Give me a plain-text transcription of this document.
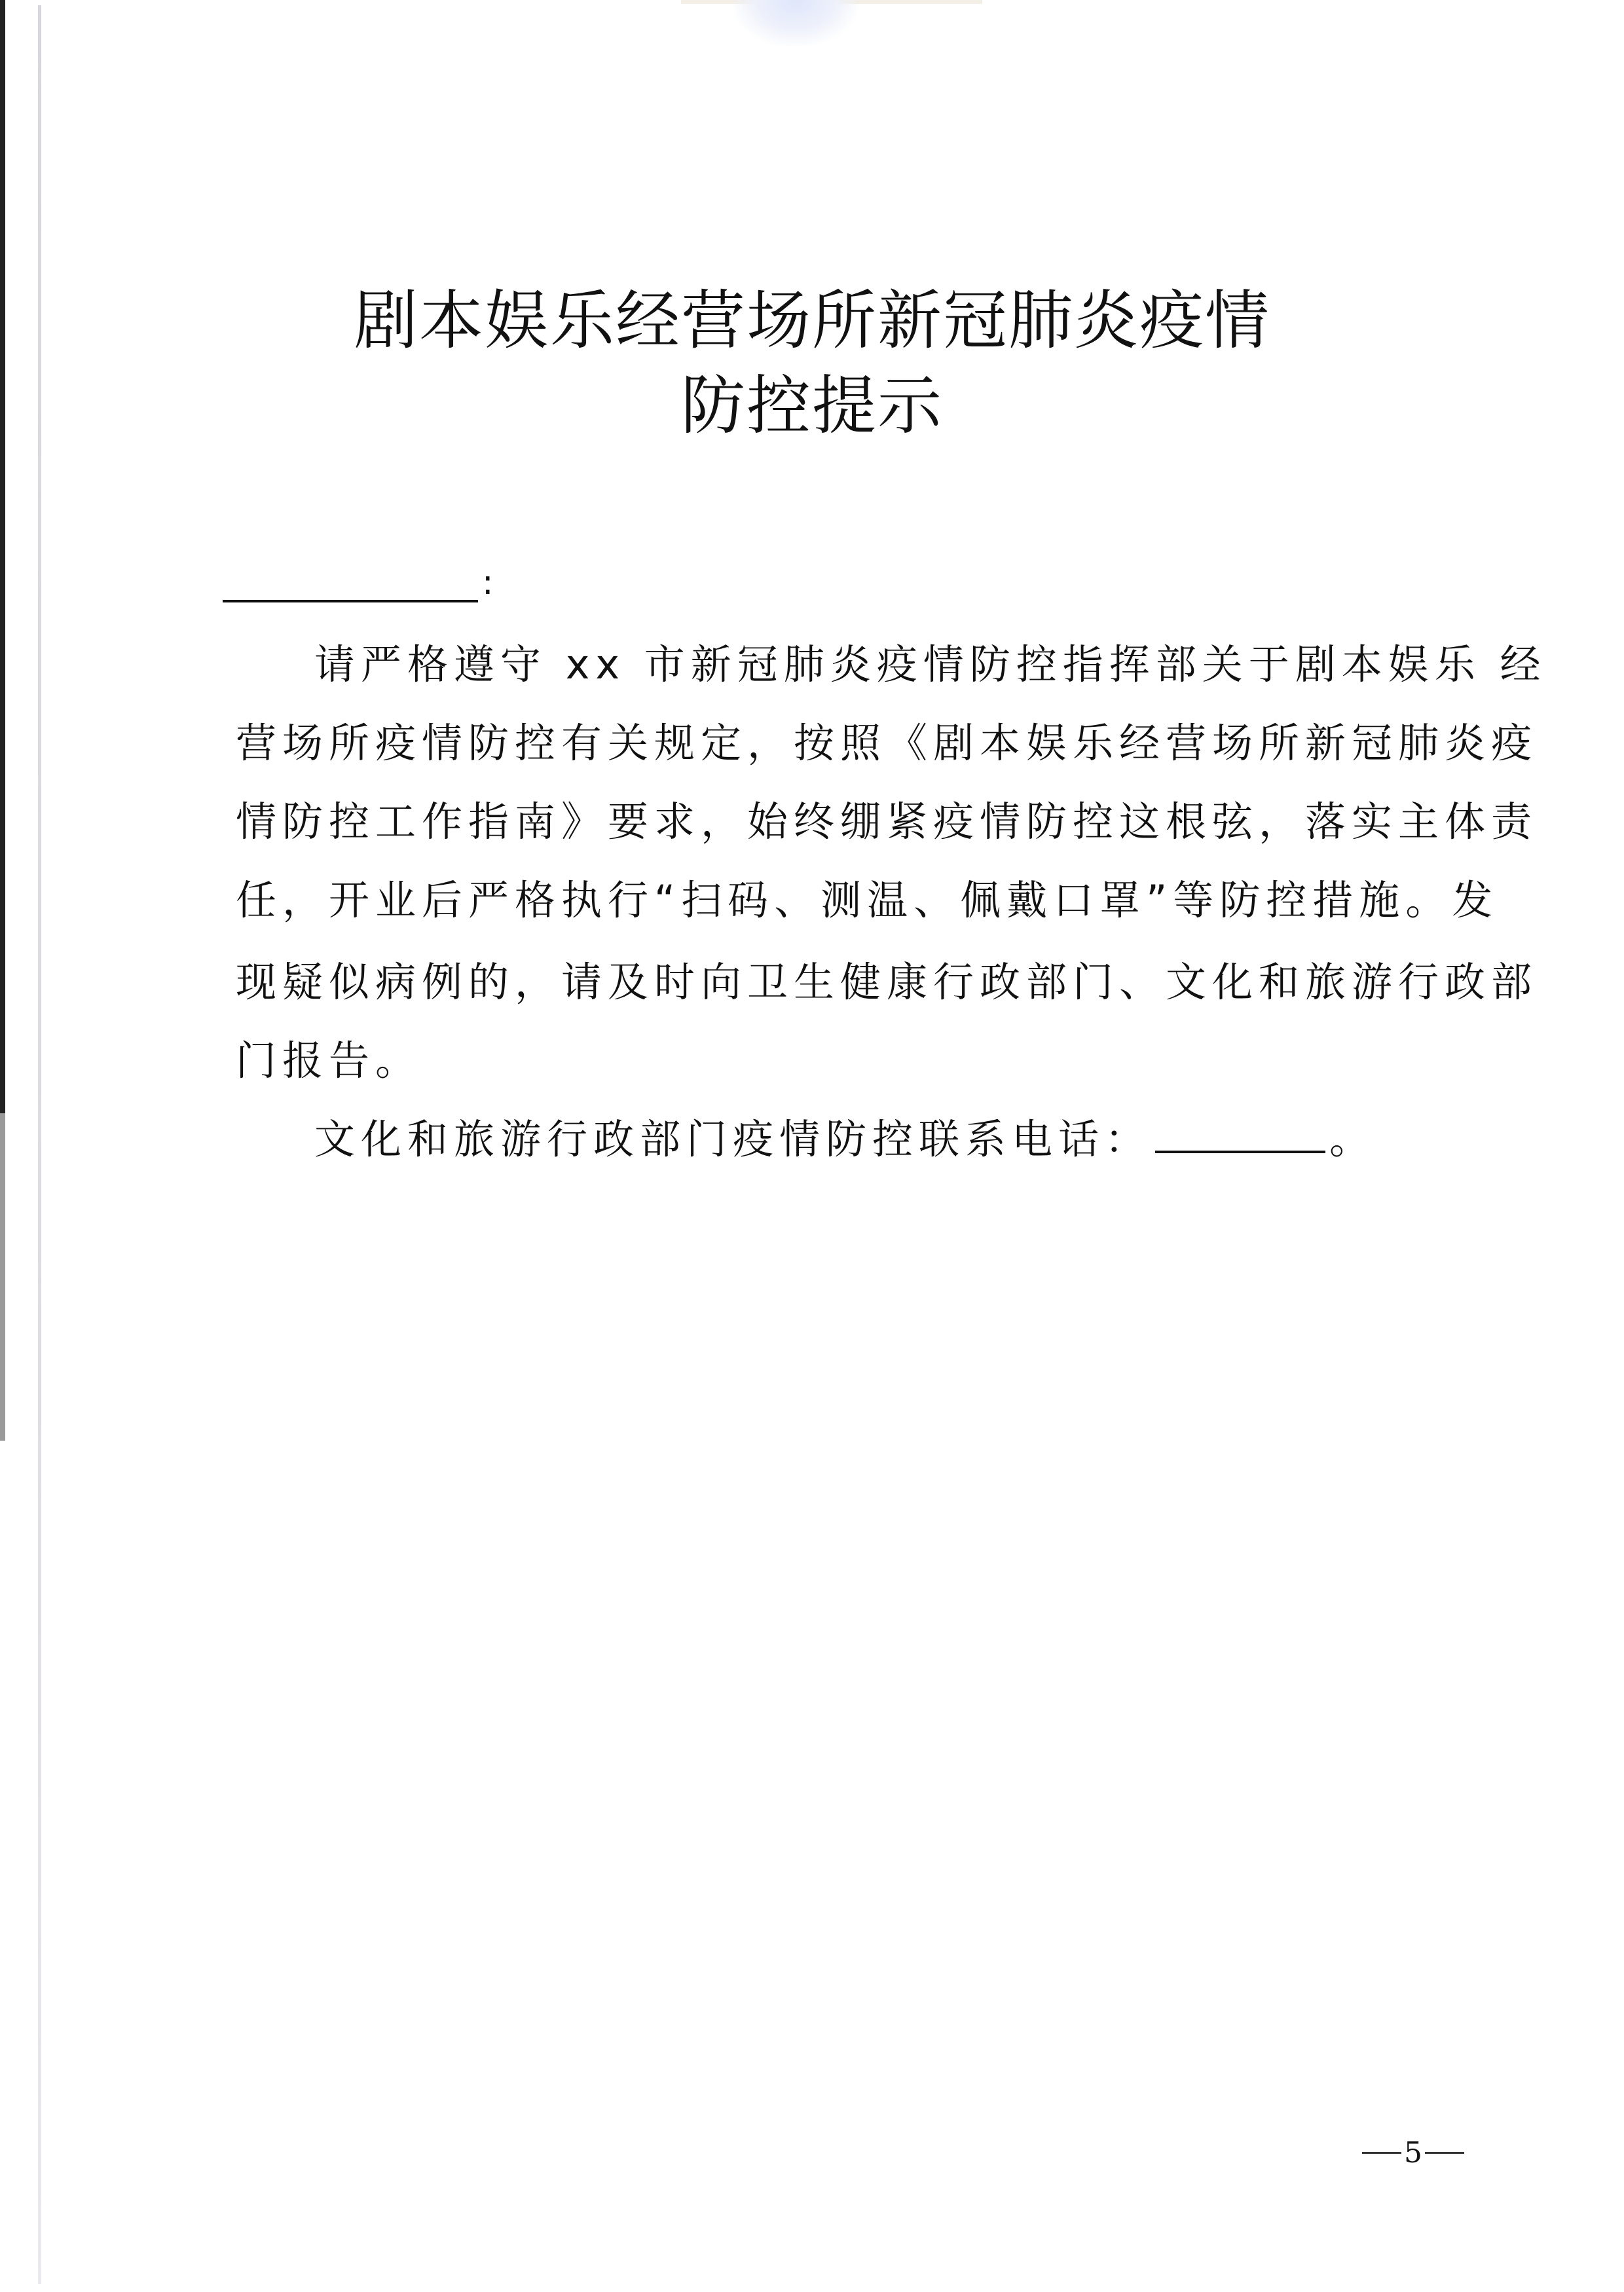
剧本娱乐经营场所新冠肺炎疫情
防控提示
:
请严格遵守 xx 市新冠肺炎疫情防控指挥部关于剧本娱乐 经
营场所疫情防控有关规定，按照《剧本娱乐经营场所新冠肺炎疫
情防控工作指南》要求，始终绷紧疫情防控这根弦，落实主体责
任，开业后严格执行“扫码、测温、佩戴口罩”等防控措施。发
现疑似病例的，请及时向卫生健康行政部门、文化和旅游行政部
门报告。
文化和旅游行政部门疫情防控联系电话：	。
5
